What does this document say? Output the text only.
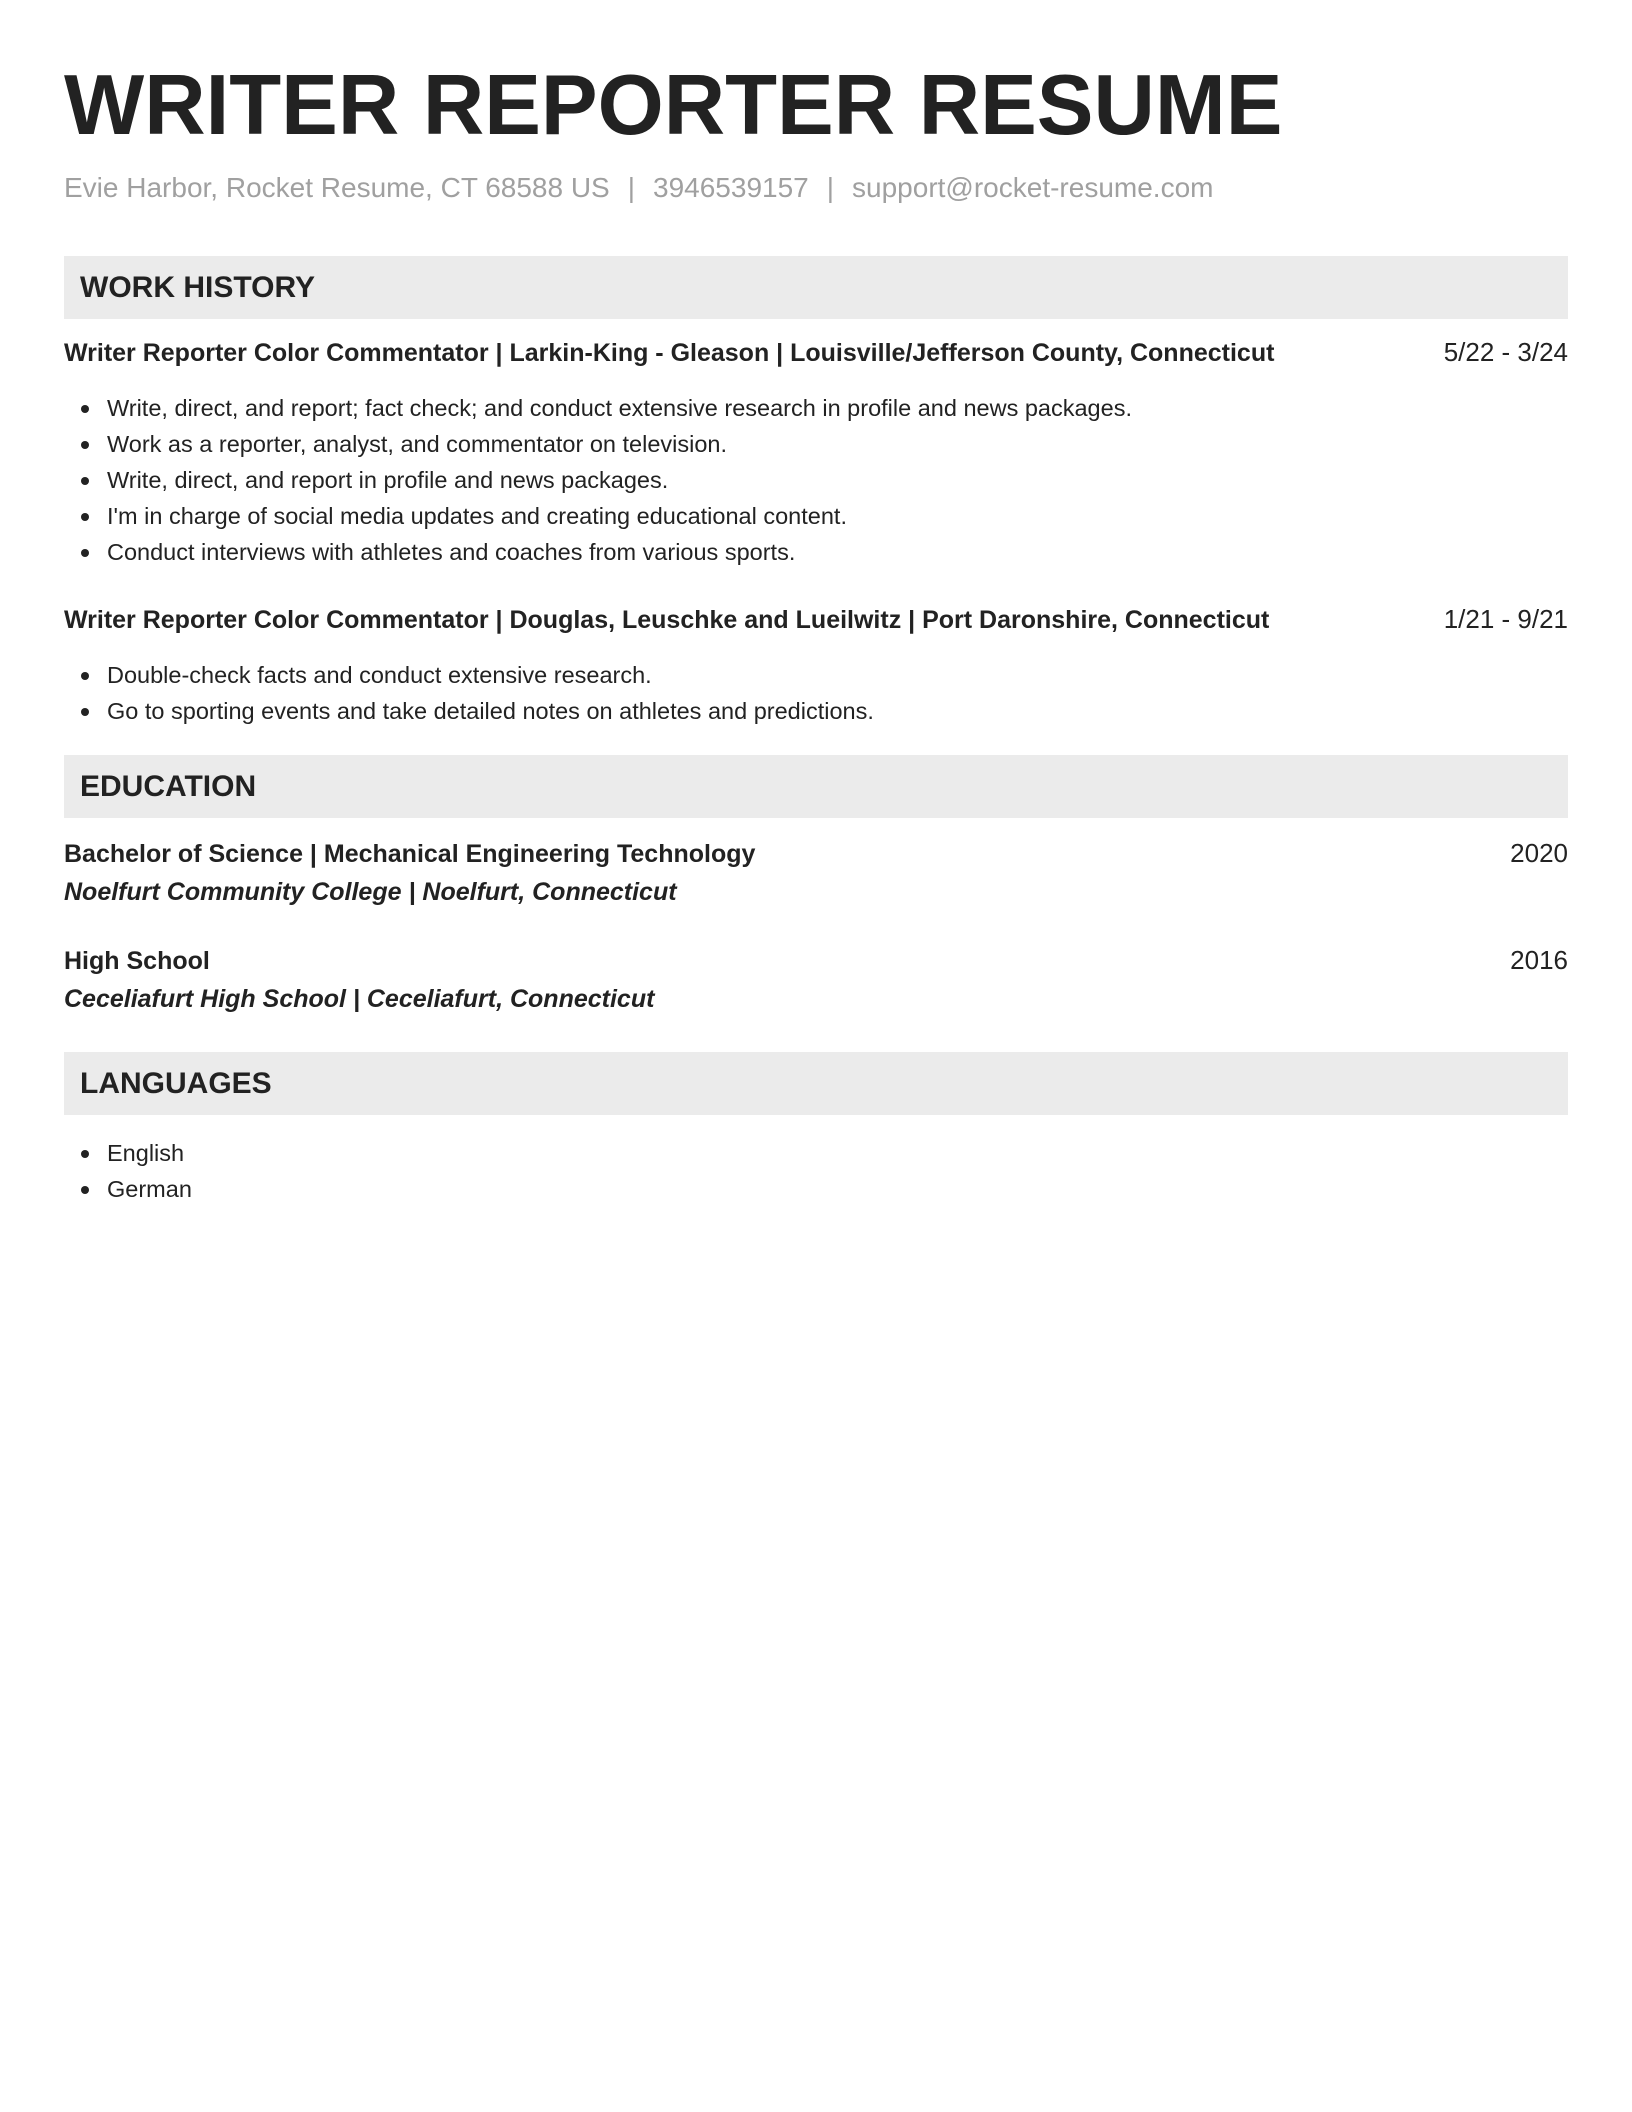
WRITER REPORTER RESUME
Evie Harbor, Rocket Resume, CT 68588 US | 3946539157 | support@rocket-resume.com
WORK HISTORY
Writer Reporter Color Commentator | Larkin-King - Gleason | Louisville/Jefferson County, Connecticut	5/22 - 3/24
Write, direct, and report; fact check; and conduct extensive research in profile and news packages.
Work as a reporter, analyst, and commentator on television.
Write, direct, and report in profile and news packages.
I'm in charge of social media updates and creating educational content.
Conduct interviews with athletes and coaches from various sports.
Writer Reporter Color Commentator | Douglas, Leuschke and Lueilwitz | Port Daronshire, Connecticut	1/21 - 9/21
Double-check facts and conduct extensive research.
Go to sporting events and take detailed notes on athletes and predictions.
EDUCATION
Bachelor of Science | Mechanical Engineering Technology	2020
Noelfurt Community College | Noelfurt, Connecticut
High School	2016
Ceceliafurt High School | Ceceliafurt, Connecticut
LANGUAGES
English
German
